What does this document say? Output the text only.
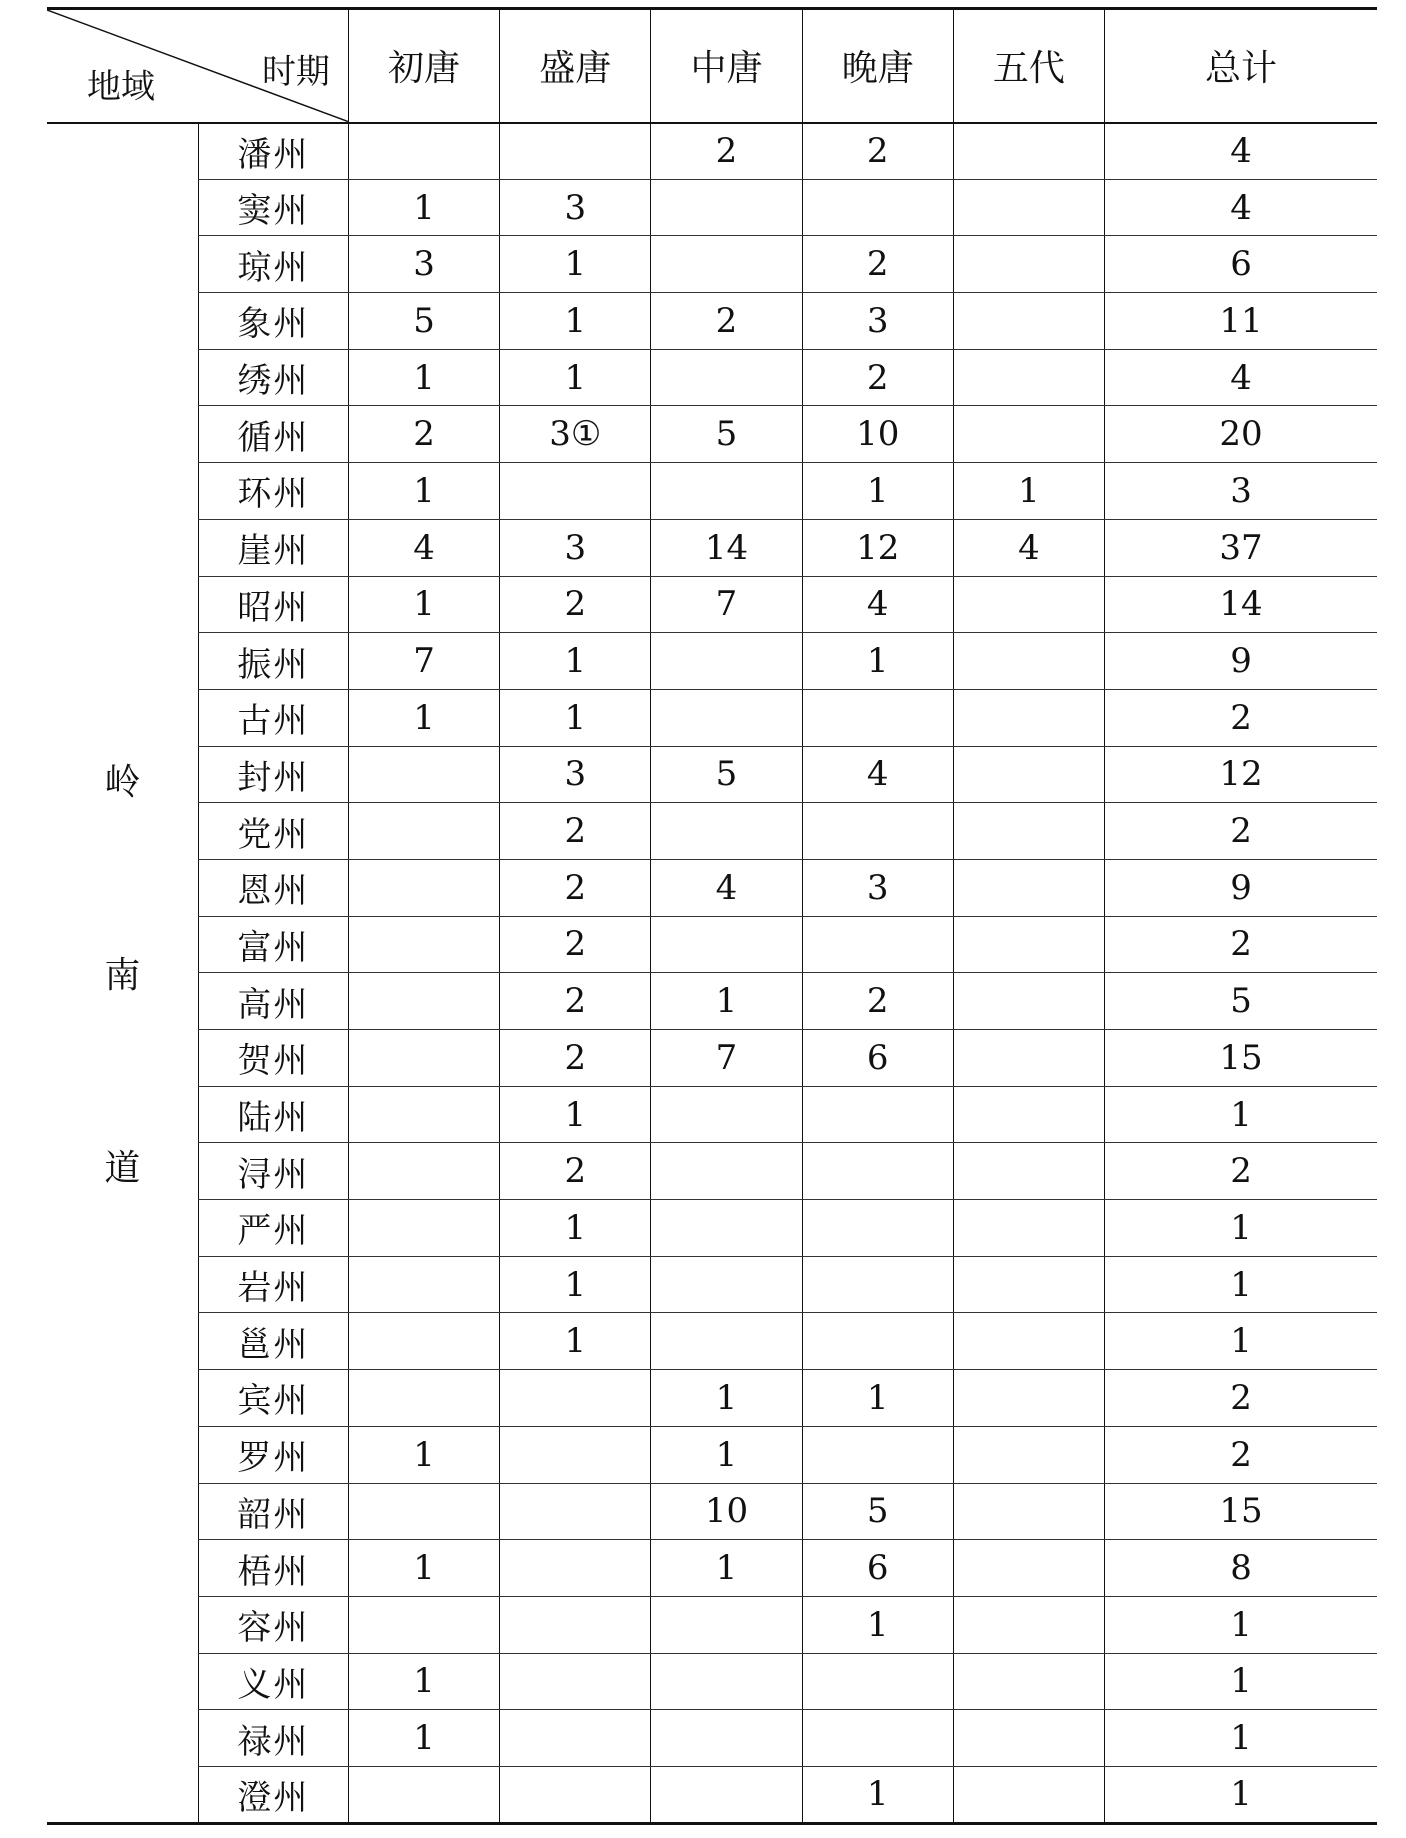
时期
地域		初唐	盛唐	中唐	晚唐	五代	总计

岭
南
道	潘州			2	2		4
	窦州	1	3				4
	琼州	3	1		2		6
	象州	5	1	2	3		11
	绣州	1	1		2		4
	循州	2	3①	5	10		20
	环州	1			1	1	3
	崖州	4	3	14	12	4	37
	昭州	1	2	7	4		14
	振州	7	1		1		9
	古州	1	1				2
	封州		3	5	4		12
	党州		2				2
	恩州		2	4	3		9
	富州		2				2
	高州		2	1	2		5
	贺州		2	7	6		15
	陆州		1				1
	浔州		2				2
	严州		1				1
	岩州		1				1
	邕州		1				1
	宾州			1	1		2
	罗州	1		1			2
	韶州			10	5		15
	梧州	1		1	6		8
	容州				1		1
	义州	1					1
	禄州	1					1
	澄州				1		1
